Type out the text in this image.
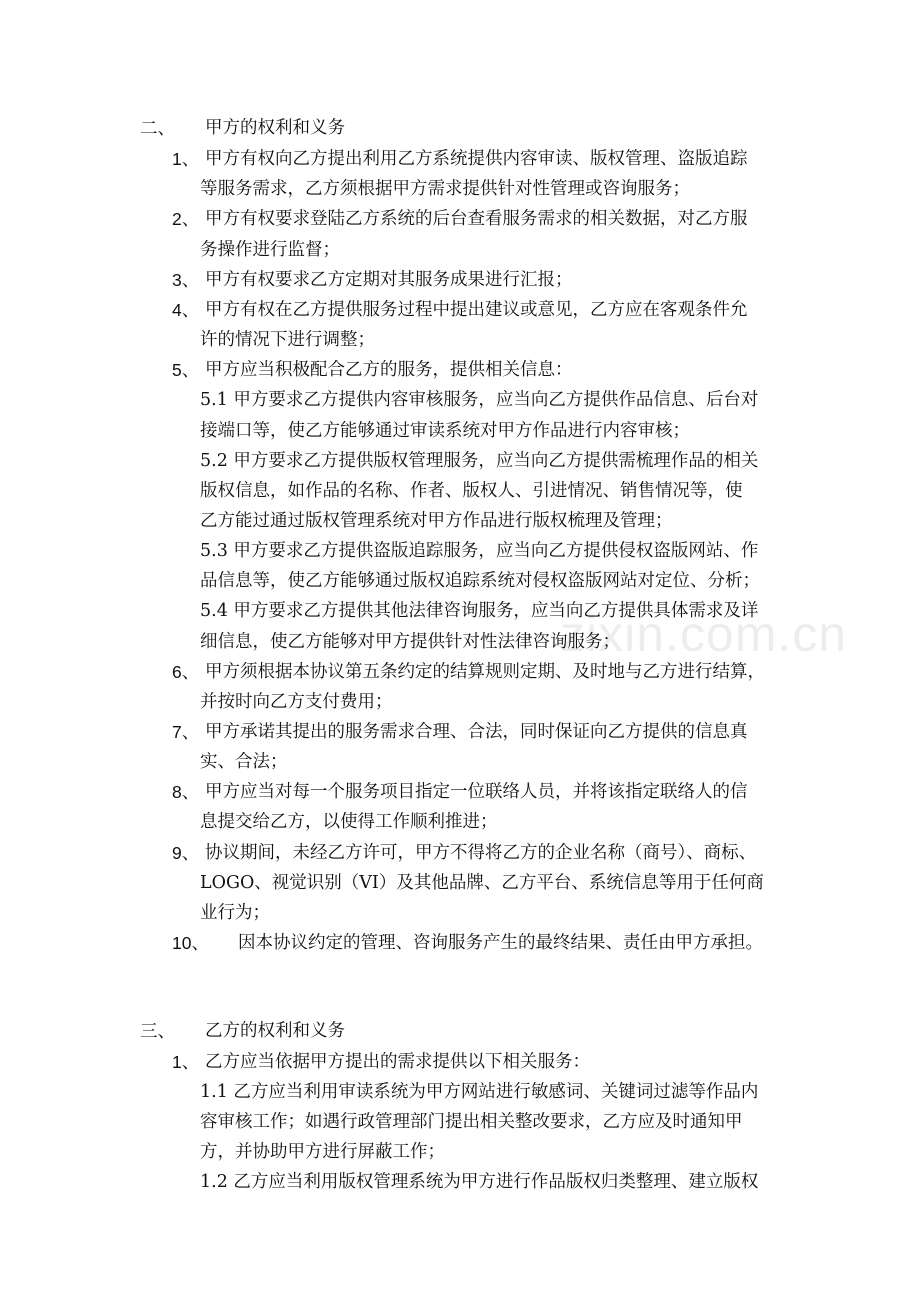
二、 甲方的权利和义务
1、 甲方有权向乙方提出利用乙方系统提供内容审读、版权管理、盗版追踪
等服务需求，乙方须根据甲方需求提供针对性管理或咨询服务；
2、 甲方有权要求登陆乙方系统的后台查看服务需求的相关数据，对乙方服
务操作进行监督；
3、 甲方有权要求乙方定期对其服务成果进行汇报；
4、 甲方有权在乙方提供服务过程中提出建议或意见，乙方应在客观条件允
许的情况下进行调整；
5、 甲方应当积极配合乙方的服务，提供相关信息：
5.1 甲方要求乙方提供内容审核服务，应当向乙方提供作品信息、后台对
接端口等，使乙方能够通过审读系统对甲方作品进行内容审核；
5.2 甲方要求乙方提供版权管理服务，应当向乙方提供需梳理作品的相关
版权信息，如作品的名称、作者、版权人、引进情况、销售情况等，使
乙方能过通过版权管理系统对甲方作品进行版权梳理及管理；
5.3 甲方要求乙方提供盗版追踪服务，应当向乙方提供侵权盗版网站、作
品信息等，使乙方能够通过版权追踪系统对侵权盗版网站对定位、分析；
5.4 甲方要求乙方提供其他法律咨询服务，应当向乙方提供具体需求及详
细信息，使乙方能够对甲方提供针对性法律咨询服务；
6、 甲方须根据本协议第五条约定的结算规则定期、及时地与乙方进行结算，
并按时向乙方支付费用；
7、 甲方承诺其提出的服务需求合理、合法，同时保证向乙方提供的信息真
实、合法；
8、 甲方应当对每一个服务项目指定一位联络人员，并将该指定联络人的信
息提交给乙方，以使得工作顺利推进；
9、 协议期间，未经乙方许可，甲方不得将乙方的企业名称（商号）、商标、
LOGO、视觉识别（VI）及其他品牌、乙方平台、系统信息等用于任何商
业行为；
10、 因本协议约定的管理、咨询服务产生的最终结果、责任由甲方承担。
三、 乙方的权利和义务
1、 乙方应当依据甲方提出的需求提供以下相关服务：
1.1 乙方应当利用审读系统为甲方网站进行敏感词、关键词过滤等作品内
容审核工作；如遇行政管理部门提出相关整改要求，乙方应及时通知甲
方，并协助甲方进行屏蔽工作；
1.2 乙方应当利用版权管理系统为甲方进行作品版权归类整理、建立版权
zixin.com.cn
